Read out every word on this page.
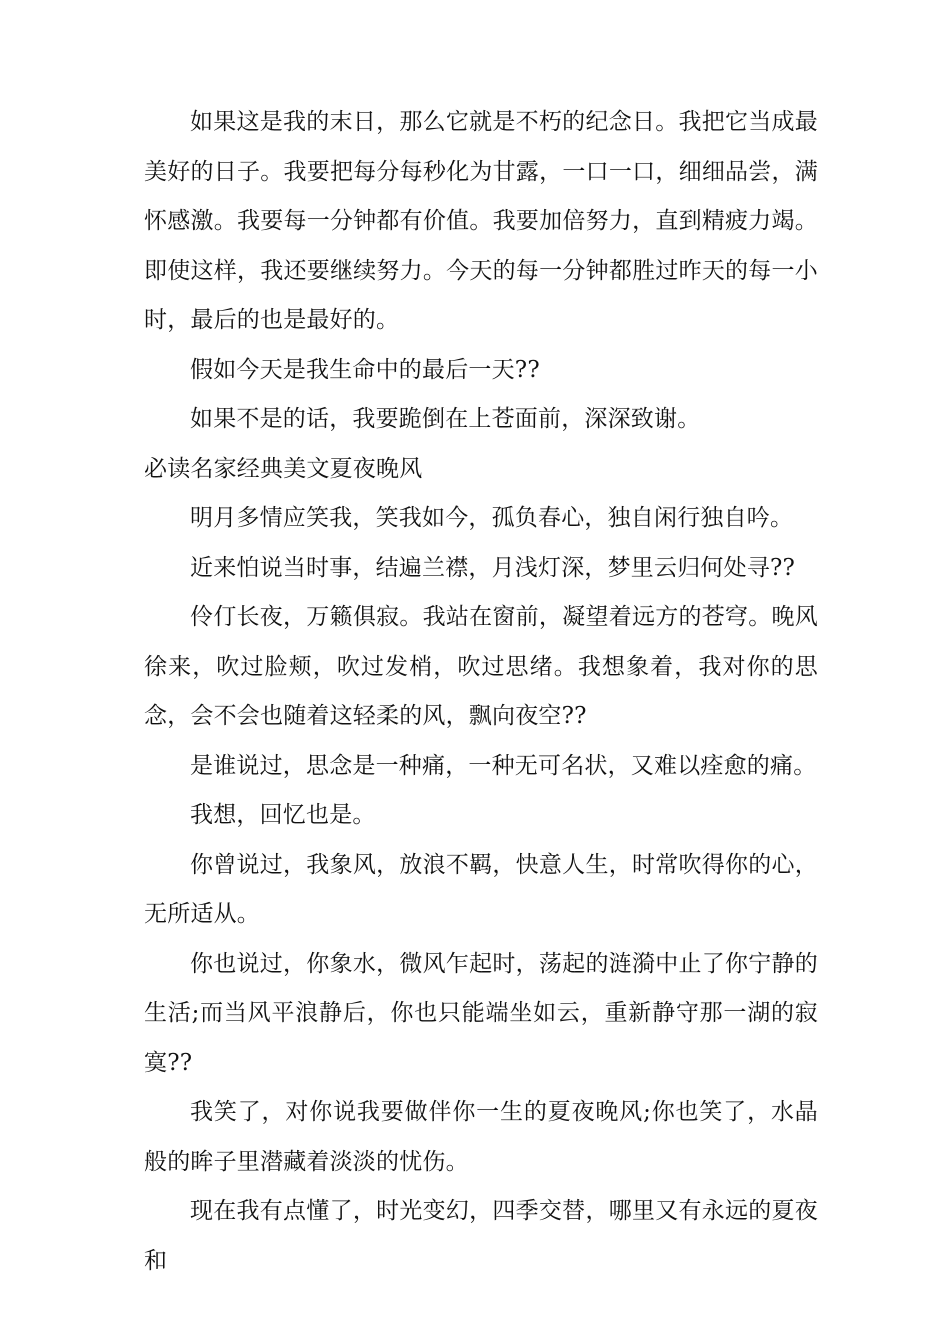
如果这是我的末日，那么它就是不朽的纪念日。我把它当成最美好的日子。我要把每分每秒化为甘露，一口一口，细细品尝，满怀感激。我要每一分钟都有价值。我要加倍努力，直到精疲力竭。即使这样，我还要继续努力。今天的每一分钟都胜过昨天的每一小时，最后的也是最好的。

假如今天是我生命中的最后一天??

如果不是的话，我要跪倒在上苍面前，深深致谢。

必读名家经典美文夏夜晚风

明月多情应笑我，笑我如今，孤负春心，独自闲行独自吟。

近来怕说当时事，结遍兰襟，月浅灯深，梦里云归何处寻??

伶仃长夜，万籁俱寂。我站在窗前，凝望着远方的苍穹。晚风徐来，吹过脸颊，吹过发梢，吹过思绪。我想象着，我对你的思念，会不会也随着这轻柔的风，飘向夜空??

是谁说过，思念是一种痛，一种无可名状，又难以痊愈的痛。

我想，回忆也是。

你曾说过，我象风，放浪不羁，快意人生，时常吹得你的心，无所适从。

你也说过，你象水，微风乍起时，荡起的涟漪中止了你宁静的生活;而当风平浪静后，你也只能端坐如云，重新静守那一湖的寂寞??

我笑了，对你说我要做伴你一生的夏夜晚风;你也笑了，水晶般的眸子里潜藏着淡淡的忧伤。

现在我有点懂了，时光变幻，四季交替，哪里又有永远的夏夜和
